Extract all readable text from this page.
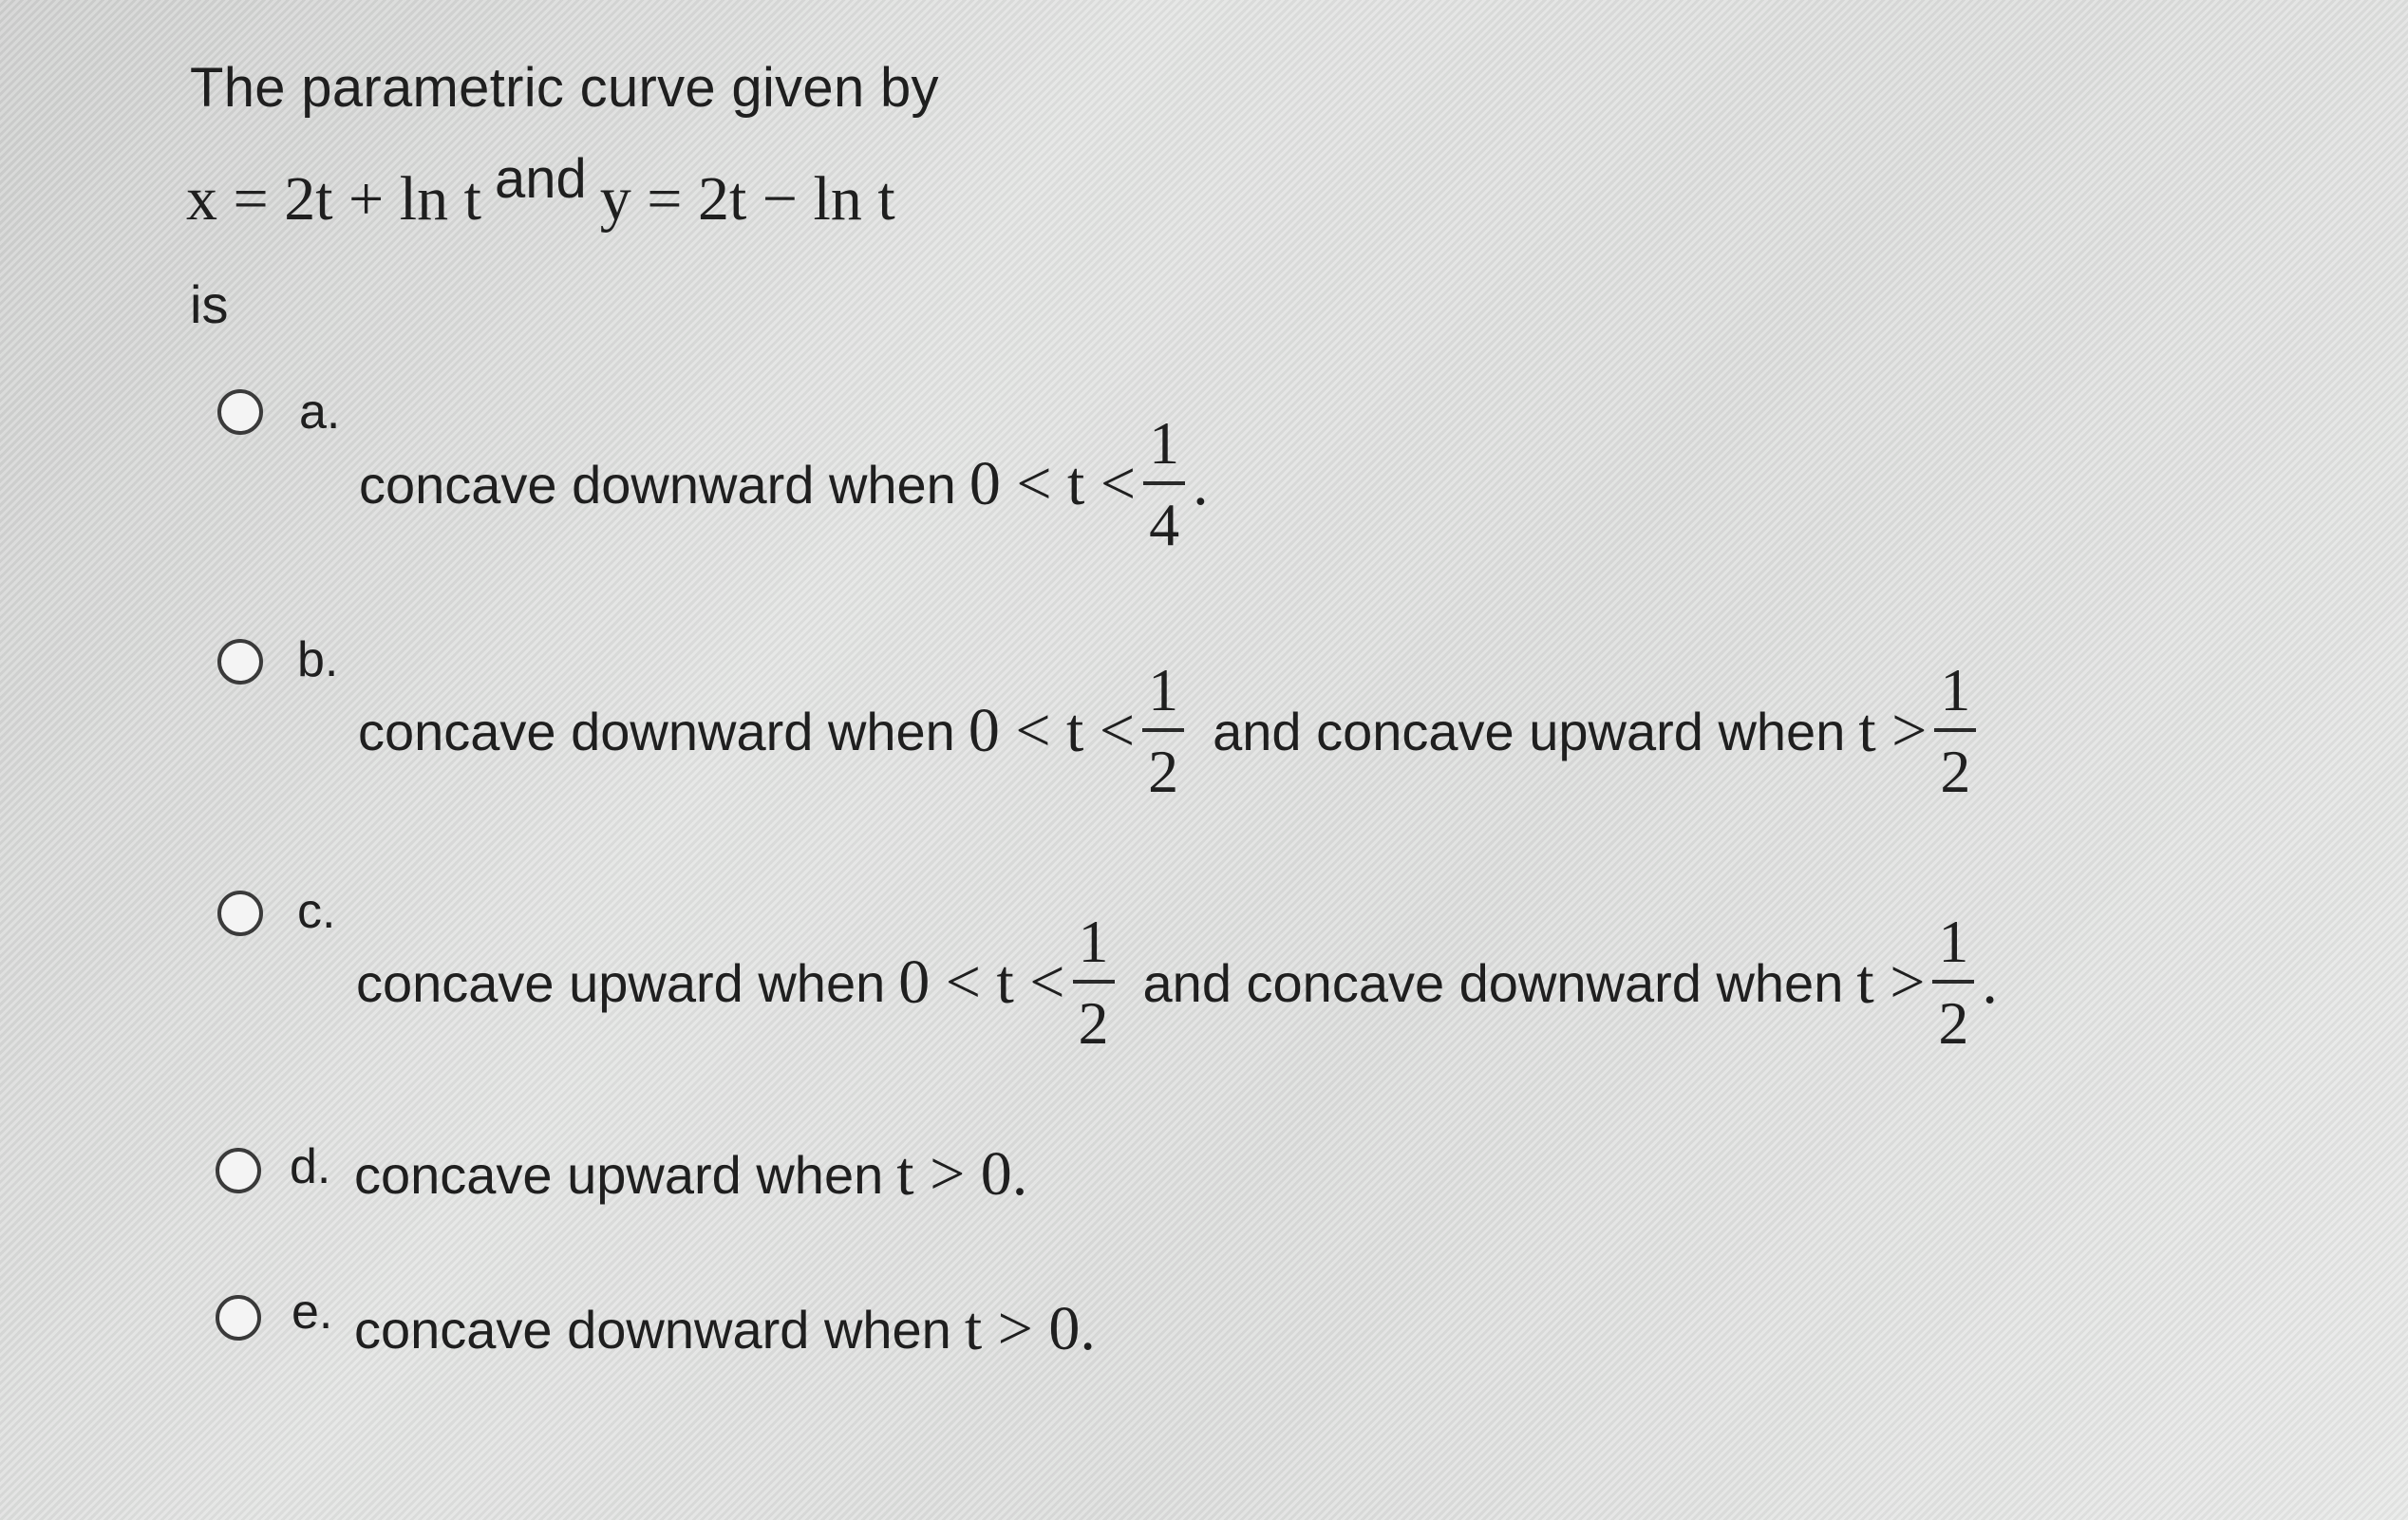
The parametric curve given by
x = 2t + ln t and y = 2t − ln t
is
a.
concave downward when $0 < t < \frac{1}{4}$ .
b.
concave downward when $0 < t < \frac{1}{2}$ and concave upward when $t > \frac{1}{2}$
c.
concave upward when $0 < t < \frac{1}{2}$ and concave downward when $t > \frac{1}{2}$ .
d. concave upward when t > 0.
e. concave downward when t > 0.
